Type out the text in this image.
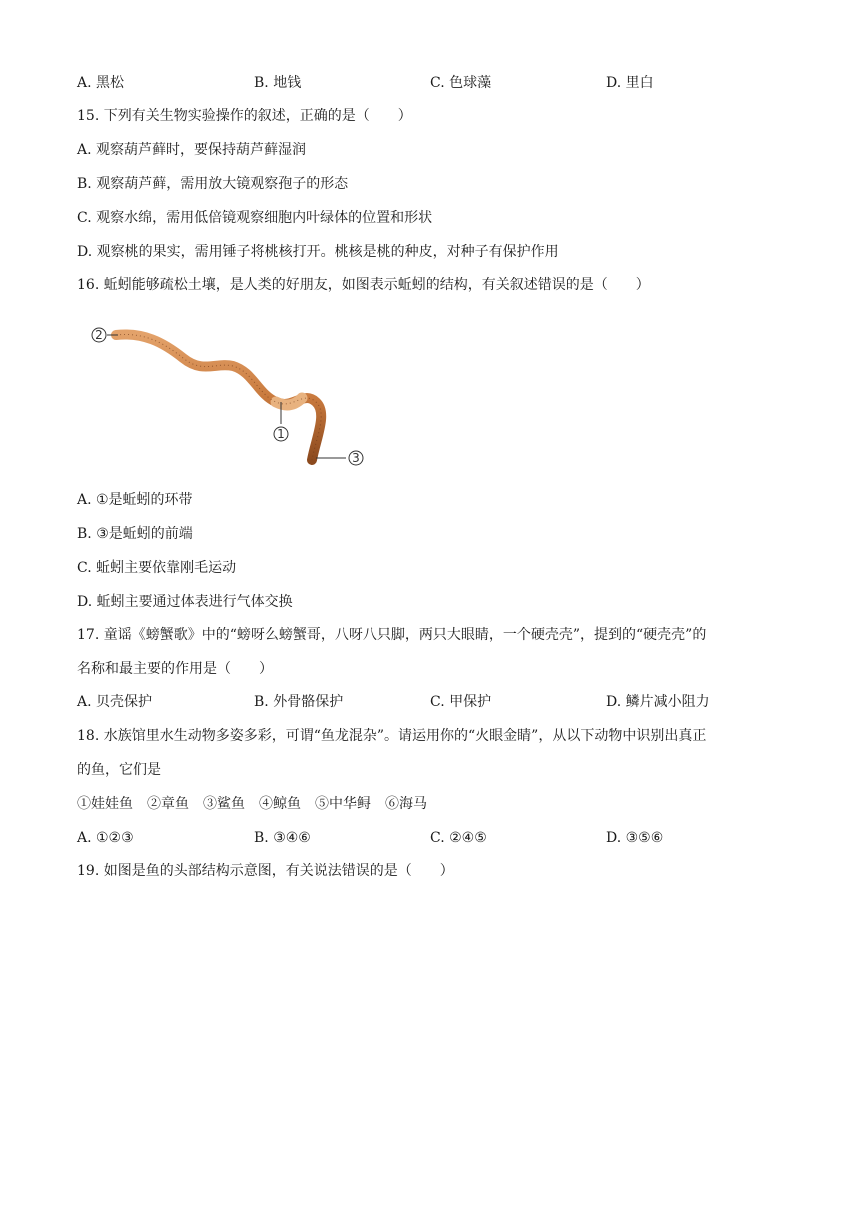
A. 黑松	B. 地钱	C. 色球藻	D. 里白
15. 下列有关生物实验操作的叙述，正确的是（　　）
A. 观察葫芦藓时，要保持葫芦藓湿润
B. 观察葫芦藓，需用放大镜观察孢子的形态
C. 观察水绵，需用低倍镜观察细胞内叶绿体的位置和形状
D. 观察桃的果实，需用锤子将桃核打开。桃核是桃的种皮，对种子有保护作用
16. 蚯蚓能够疏松土壤，是人类的好朋友，如图表示蚯蚓的结构，有关叙述错误的是（　　）
2
1
3
A. ①是蚯蚓的环带
B. ③是蚯蚓的前端
C. 蚯蚓主要依靠刚毛运动
D. 蚯蚓主要通过体表进行气体交换
17. 童谣《螃蟹歌》中的“螃呀么螃蟹哥，八呀八只脚，两只大眼睛，一个硬壳壳”，提到的“硬壳壳”的
名称和最主要的作用是（　　）
A. 贝壳保护	B. 外骨骼保护	C. 甲保护	D. 鳞片减小阻力
18. 水族馆里水生动物多姿多彩，可谓“鱼龙混杂”。请运用你的“火眼金睛”，从以下动物中识别出真正
的鱼，它们是
①娃娃鱼　②章鱼　③鲨鱼　④鲸鱼　⑤中华鲟　⑥海马
A. ①②③	B. ③④⑥	C. ②④⑤	D. ③⑤⑥
19. 如图是鱼的头部结构示意图，有关说法错误的是（　　）
